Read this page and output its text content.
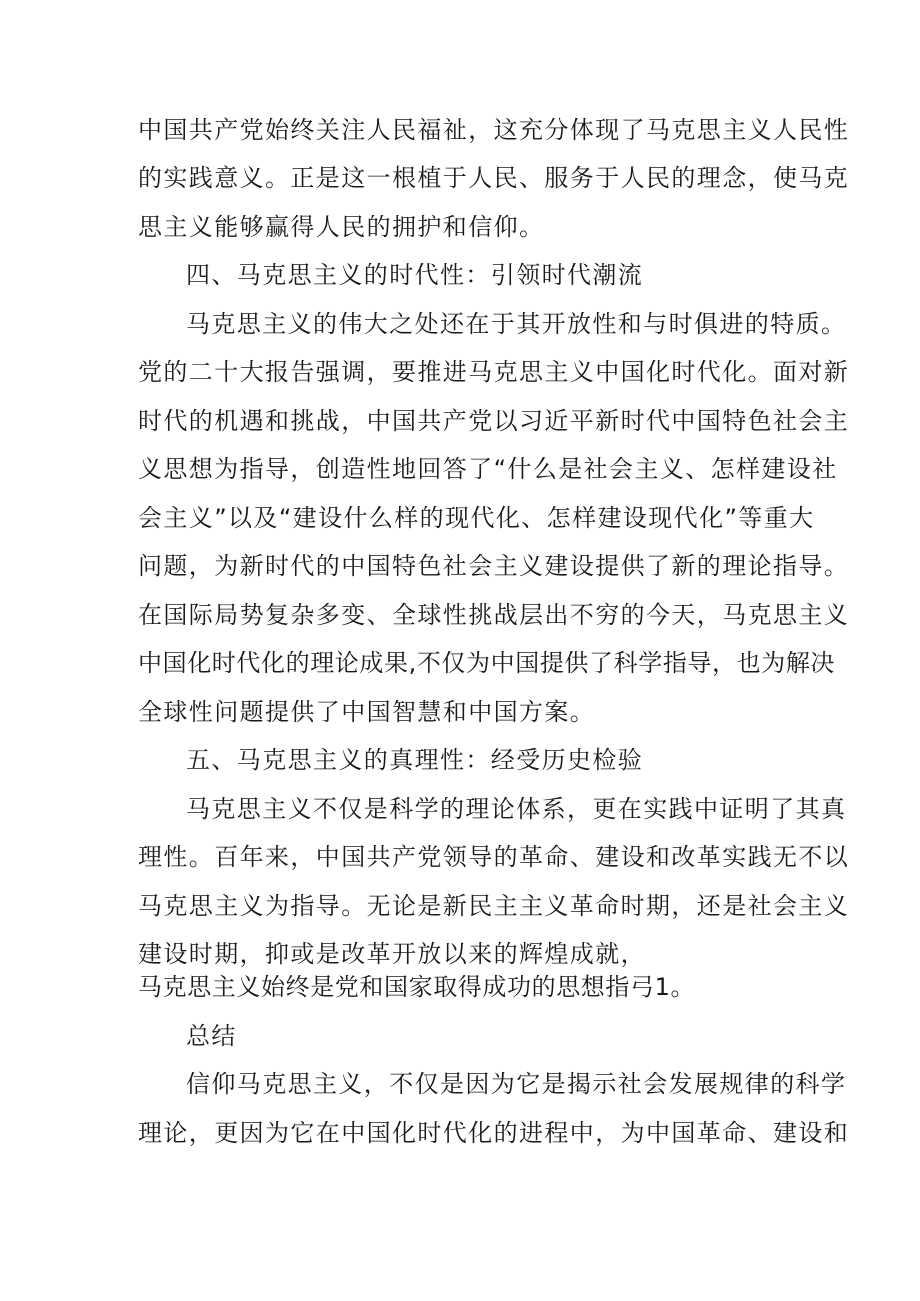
中国共产党始终关注人民福祉，这充分体现了马克思主义人民性
的实践意义。正是这一根植于人民、服务于人民的理念，使马克
思主义能够赢得人民的拥护和信仰。
四、马克思主义的时代性：引领时代潮流
马克思主义的伟大之处还在于其开放性和与时俱进的特质。
党的二十大报告强调，要推进马克思主义中国化时代化。面对新
时代的机遇和挑战，中国共产党以习近平新时代中国特色社会主
义思想为指导，创造性地回答了“什么是社会主义、怎样建设社
会主义”以及“建设什么样的现代化、怎样建设现代化”等重大
问题，为新时代的中国特色社会主义建设提供了新的理论指导。
在国际局势复杂多变、全球性挑战层出不穷的今天，马克思主义
中国化时代化的理论成果,不仅为中国提供了科学指导，也为解决
全球性问题提供了中国智慧和中国方案。
五、马克思主义的真理性：经受历史检验
马克思主义不仅是科学的理论体系，更在实践中证明了其真
理性。百年来，中国共产党领导的革命、建设和改革实践无不以
马克思主义为指导。无论是新民主主义革命时期，还是社会主义
建设时期，抑或是改革开放以来的辉煌成就，
马克思主义始终是党和国家取得成功的思想指弓1。
总结
信仰马克思主义，不仅是因为它是揭示社会发展规律的科学
理论，更因为它在中国化时代化的进程中，为中国革命、建设和
